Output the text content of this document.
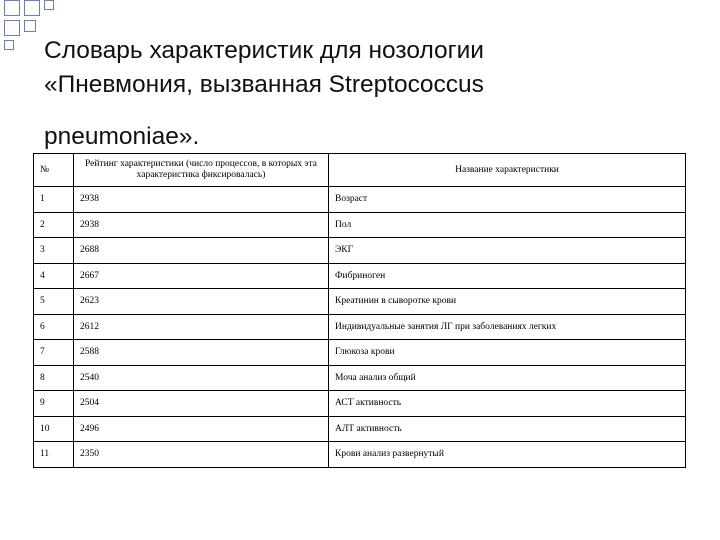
Словарь характеристик для нозологии
«Пневмония, вызванная Streptococcus
pneumoniae».
№	Рейтинг характеристики (число процессов, в которых эта характеристика фиксировалась)	Название характеристики
1	2938	Возраст
2	2938	Пол
3	2688	ЭКГ
4	2667	Фибриноген
5	2623	Креатинин в сыворотке крови
6	2612	Индивидуальные занятия ЛГ при заболеваниях легких
7	2588	Глюкоза крови
8	2540	Моча анализ общий
9	2504	АСТ активность
10	2496	АЛТ активность
11	2350	Крови анализ развернутый
